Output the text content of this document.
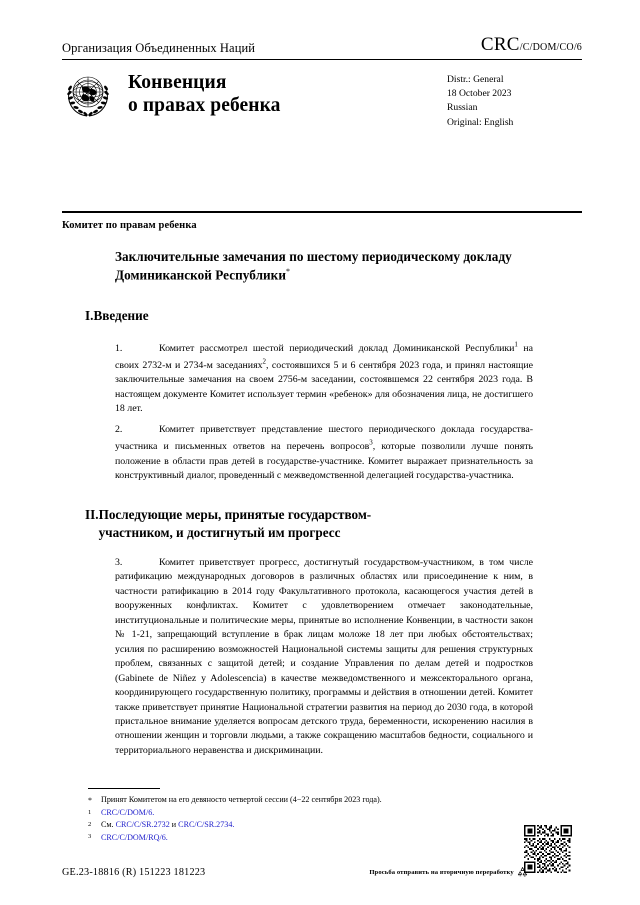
Организация Объединенных Наций	CRC/C/DOM/CO/6
Конвенция
о правах ребенка
Distr.: General
18 October 2023
Russian
Original: English
Комитет по правам ребенка
Заключительные замечания по шестому периодическому докладу Доминиканской Республики*
I. Введение

1.	Комитет рассмотрел шестой периодический доклад Доминиканской Республики$^1$ на своих 2732-м и 2734-м заседаниях$^2$, состоявшихся 5 и 6 сентября 2023 года, и принял настоящие заключительные замечания на своем 2756-м заседании, состоявшемся 22 сентября 2023 года. В настоящем документе Комитет использует термин «ребенок» для обозначения лица, не достигшего 18 лет.

2.	Комитет приветствует представление шестого периодического доклада государства-участника и письменных ответов на перечень вопросов$^3$, которые позволили лучше понять положение в области прав детей в государстве-участнике. Комитет выражает признательность за конструктивный диалог, проведенный с межведомственной делегацией государства-участника.

II. Последующие меры, принятые государством-
участником, и достигнутый им прогресс

3.	Комитет приветствует прогресс, достигнутый государством-участником, в том числе ратификацию международных договоров в различных областях или присоединение к ним, в частности ратификацию в 2014 году Факультативного протокола, касающегося участия детей в вооруженных конфликтах. Комитет с удовлетворением отмечает законодательные, институциональные и политические меры, принятые во исполнение Конвенции, в частности закон № 1-21, запрещающий вступление в брак лицам моложе 18 лет при любых обстоятельствах; усилия по расширению возможностей Национальной системы защиты для решения структурных проблем, связанных с защитой детей; и создание Управления по делам детей и подростков (Gabinete de Niñez y Adolescencia) в качестве межведомственного и межсекторального органа, координирующего государственную политику, программы и действия в отношении детей. Комитет также приветствует принятие Национальной стратегии развития на период до 2030 года, в которой пристальное внимание уделяется вопросам детского труда, беременности, искоренению насилия в отношении женщин и торговли людьми, а также сокращению масштабов бедности, социального и территориального неравенства и дискриминации.

*	Принят Комитетом на его девяносто четвертой сессии (4−22 сентября 2023 года).
1	CRC/C/DOM/6.
2	См. CRC/C/SR.2732 и CRC/C/SR.2734.
3	CRC/C/DOM/RQ/6.
GE.23-18816 (R) 151223 181223	Просьба отправить на вторичную переработку
